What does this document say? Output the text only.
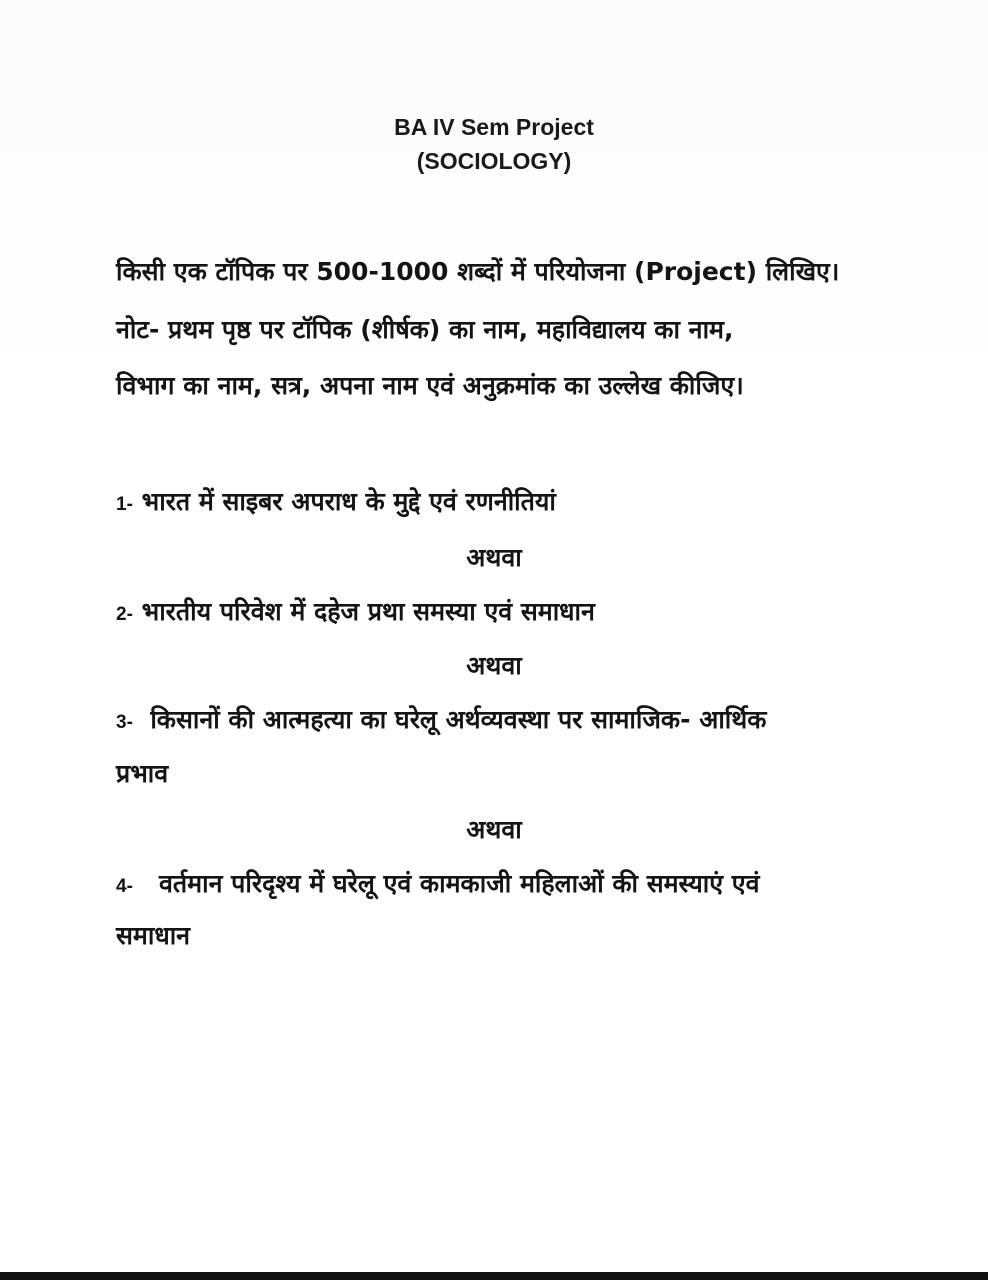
BA IV Sem Project
(SOCIOLOGY)
किसी एक टॉपिक पर 500-1000 शब्दों में परियोजना (Project) लिखिए।
नोट- प्रथम पृष्ठ पर टॉपिक (शीर्षक) का नाम, महाविद्यालय का नाम,
विभाग का नाम, सत्र, अपना नाम एवं अनुक्रमांक का उल्लेख कीजिए।
1- भारत में साइबर अपराध के मुद्दे एवं रणनीतियां
अथवा
2- भारतीय परिवेश में दहेज प्रथा समस्या एवं समाधान
अथवा
3- किसानों की आत्महत्या का घरेलू अर्थव्यवस्था पर सामाजिक- आर्थिक
प्रभाव
अथवा
4- वर्तमान परिदृश्य में घरेलू एवं कामकाजी महिलाओं की समस्याएं एवं
समाधान
